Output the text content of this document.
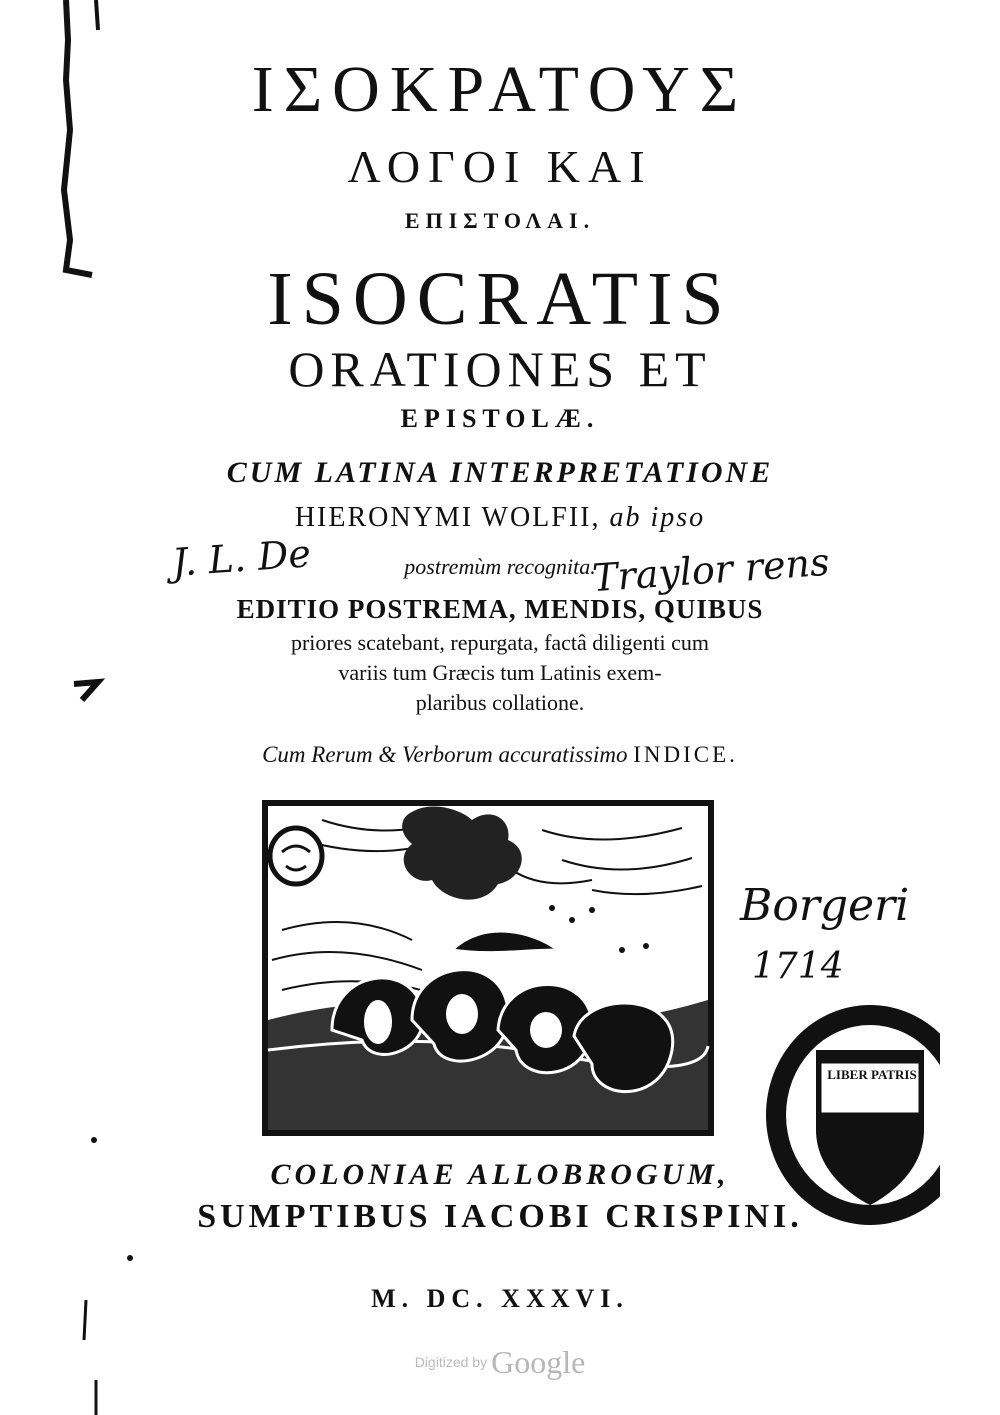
ΙΣΟΚΡΑΤΟΥΣ
ΛΟΓΟΙ ΚΑΙ
ΕΠΙΣΤΟΛΑΙ.
ISOCRATIS
ORATIONES ET
EPISTOLÆ.
CUM LATINA INTERPRETATIONE
HIERONYMI WOLFII, ab ipso
postremùm recognita.
J. L. De	Traylor rens
EDITIO POSTREMA, MENDIS, QUIBUS
priores scatebant, repurgata, factâ diligenti cum
variis tum Græcis tum Latinis exem-
plaribus collatione.
Cum Rerum & Verborum accuratissimo INDICE.
Borgeri
1714
LIBER PATRIS
COLONIAE ALLOBROGUM,
SUMPTIBUS IACOBI CRISPINI.
M. DC. XXXVI.
Digitized by Google
